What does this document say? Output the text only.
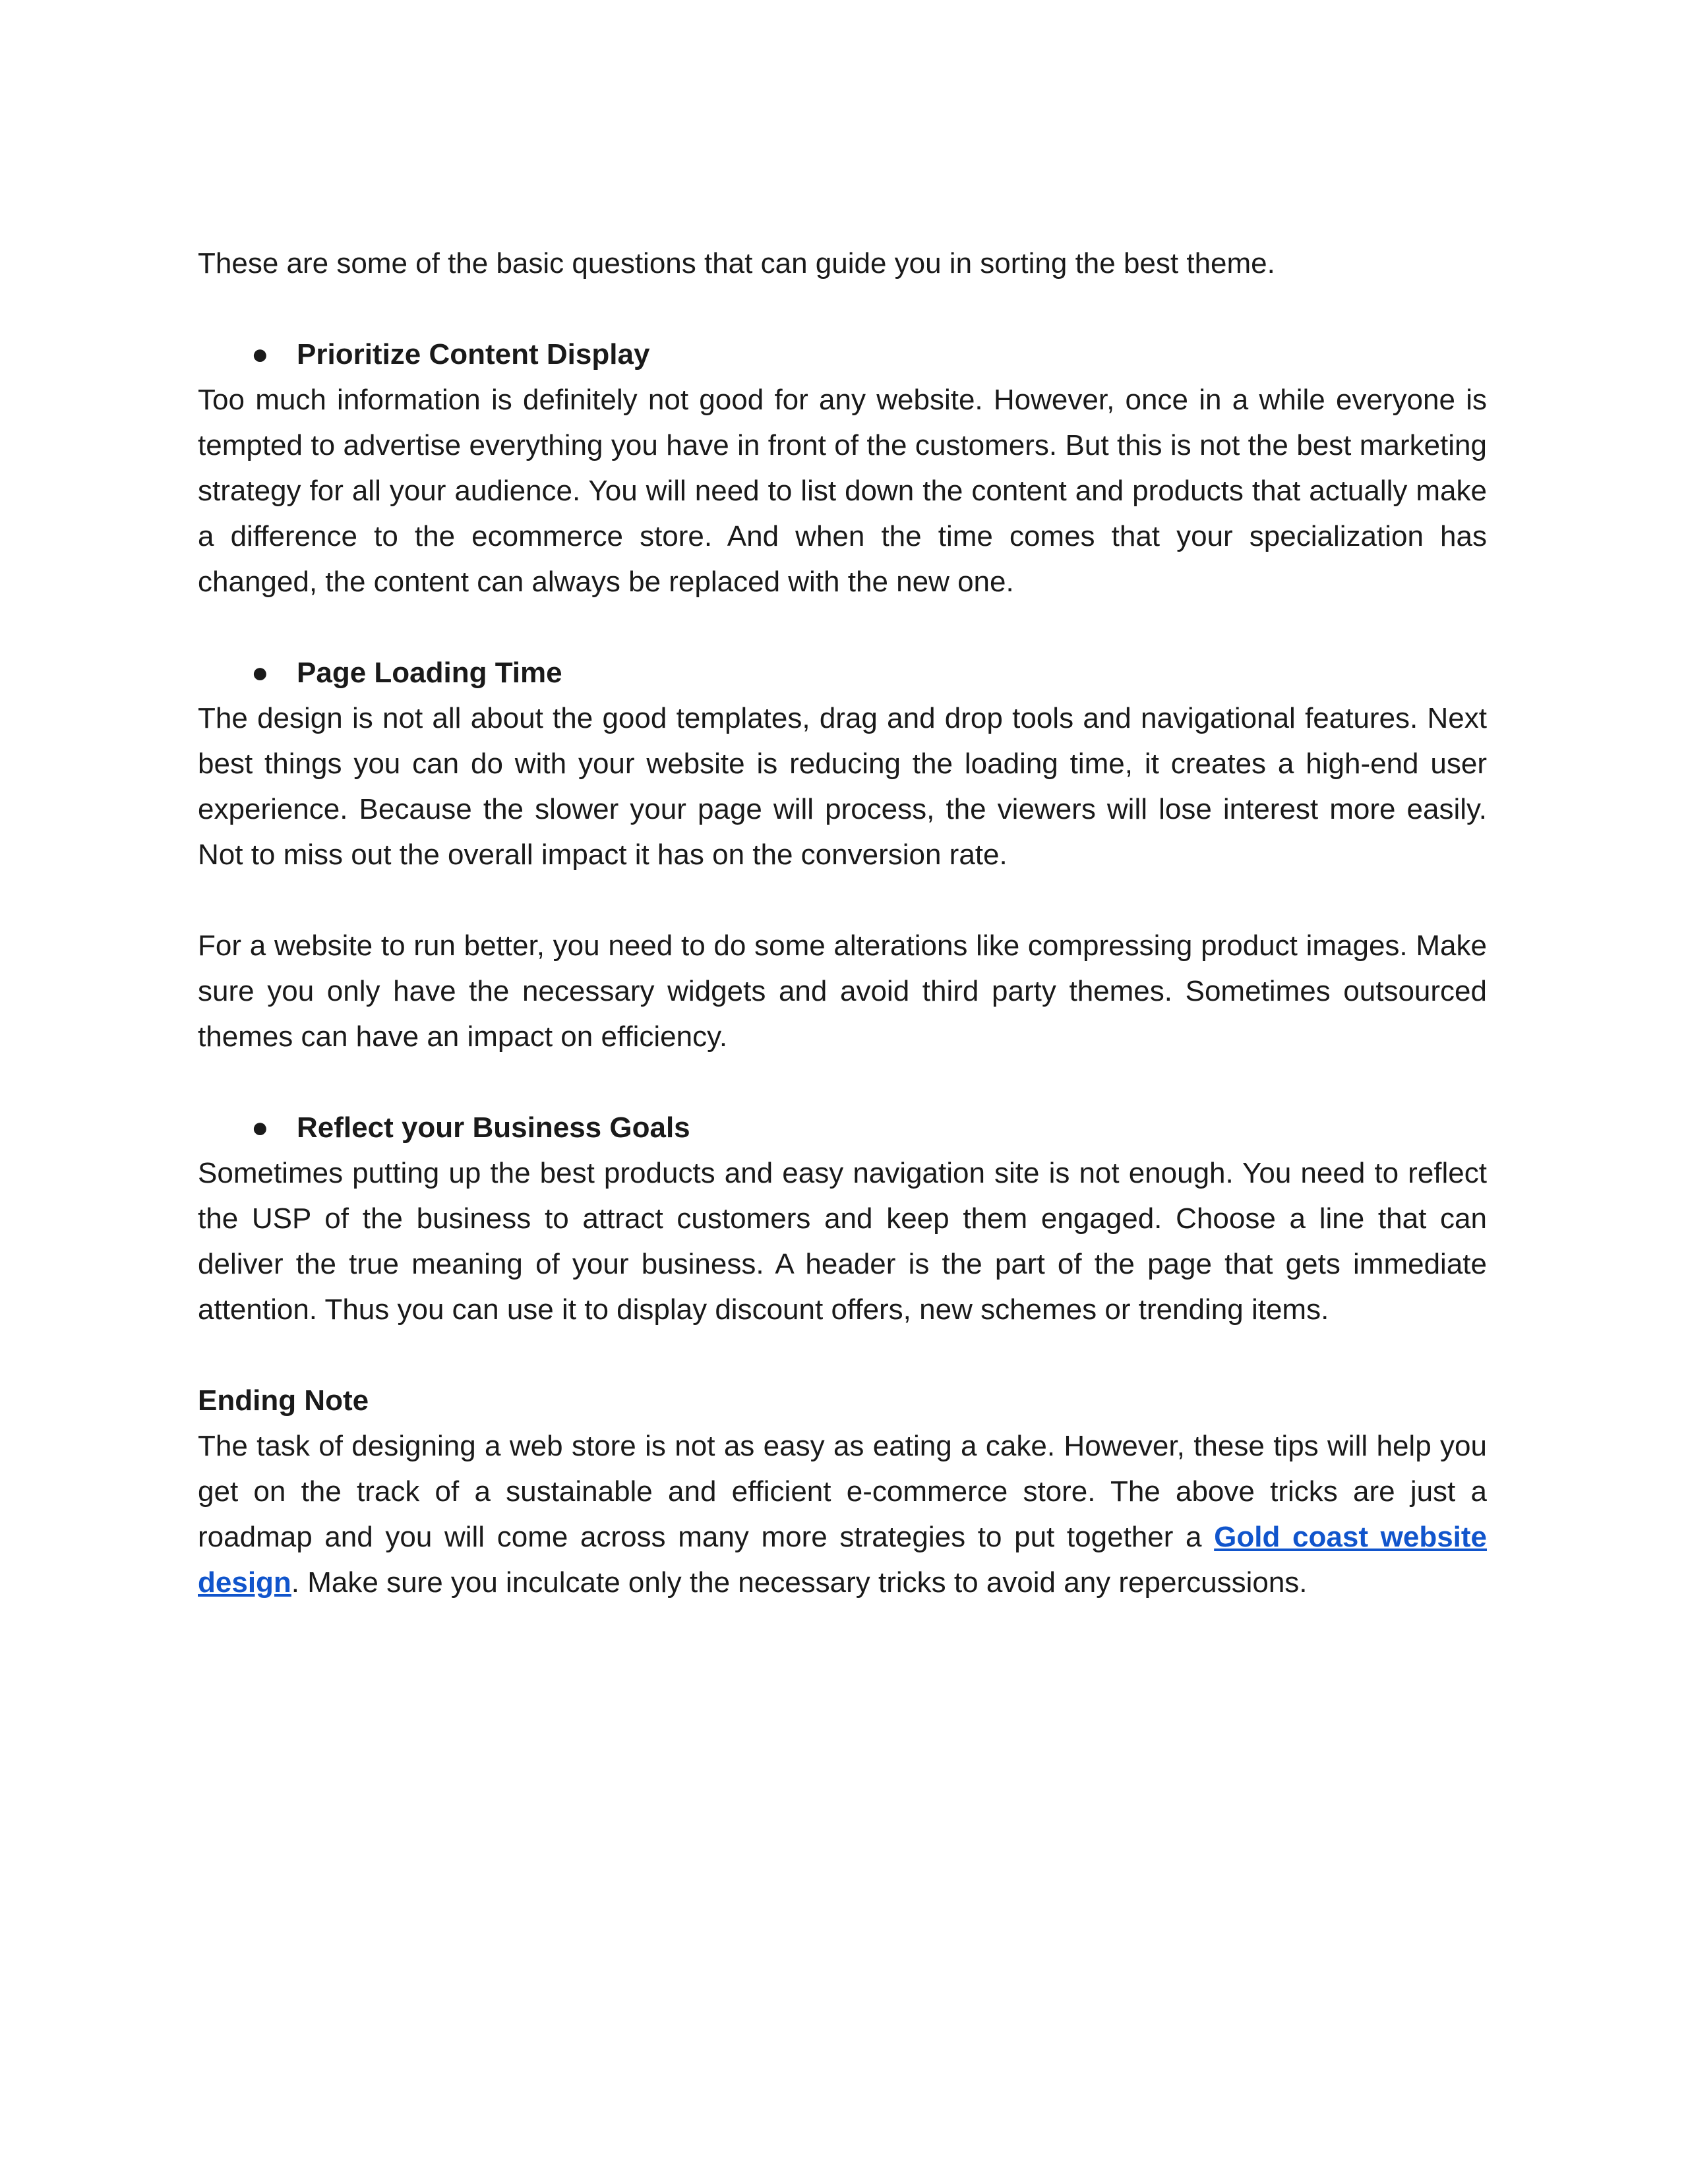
These are some of the basic questions that can guide you in sorting the best theme.

● Prioritize Content Display

Too much information is definitely not good for any website. However, once in a while everyone is tempted to advertise everything you have in front of the customers. But this is not the best marketing strategy for all your audience. You will need to list down the content and products that actually make a difference to the ecommerce store. And when the time comes that your specialization has changed, the content can always be replaced with the new one.

● Page Loading Time

The design is not all about the good templates, drag and drop tools and navigational features. Next best things you can do with your website is reducing the loading time, it creates a high-end user experience. Because the slower your page will process, the viewers will lose interest more easily. Not to miss out the overall impact it has on the conversion rate.

For a website to run better, you need to do some alterations like compressing product images. Make sure you only have the necessary widgets and avoid third party themes. Sometimes outsourced themes can have an impact on efficiency.

● Reflect your Business Goals

Sometimes putting up the best products and easy navigation site is not enough. You need to reflect the USP of the business to attract customers and keep them engaged. Choose a line that can deliver the true meaning of your business. A header is the part of the page that gets immediate attention. Thus you can use it to display discount offers, new schemes or trending items.

Ending Note

The task of designing a web store is not as easy as eating a cake. However, these tips will help you get on the track of a sustainable and efficient e-commerce store. The above tricks are just a roadmap and you will come across many more strategies to put together a Gold coast website design. Make sure you inculcate only the necessary tricks to avoid any repercussions.
